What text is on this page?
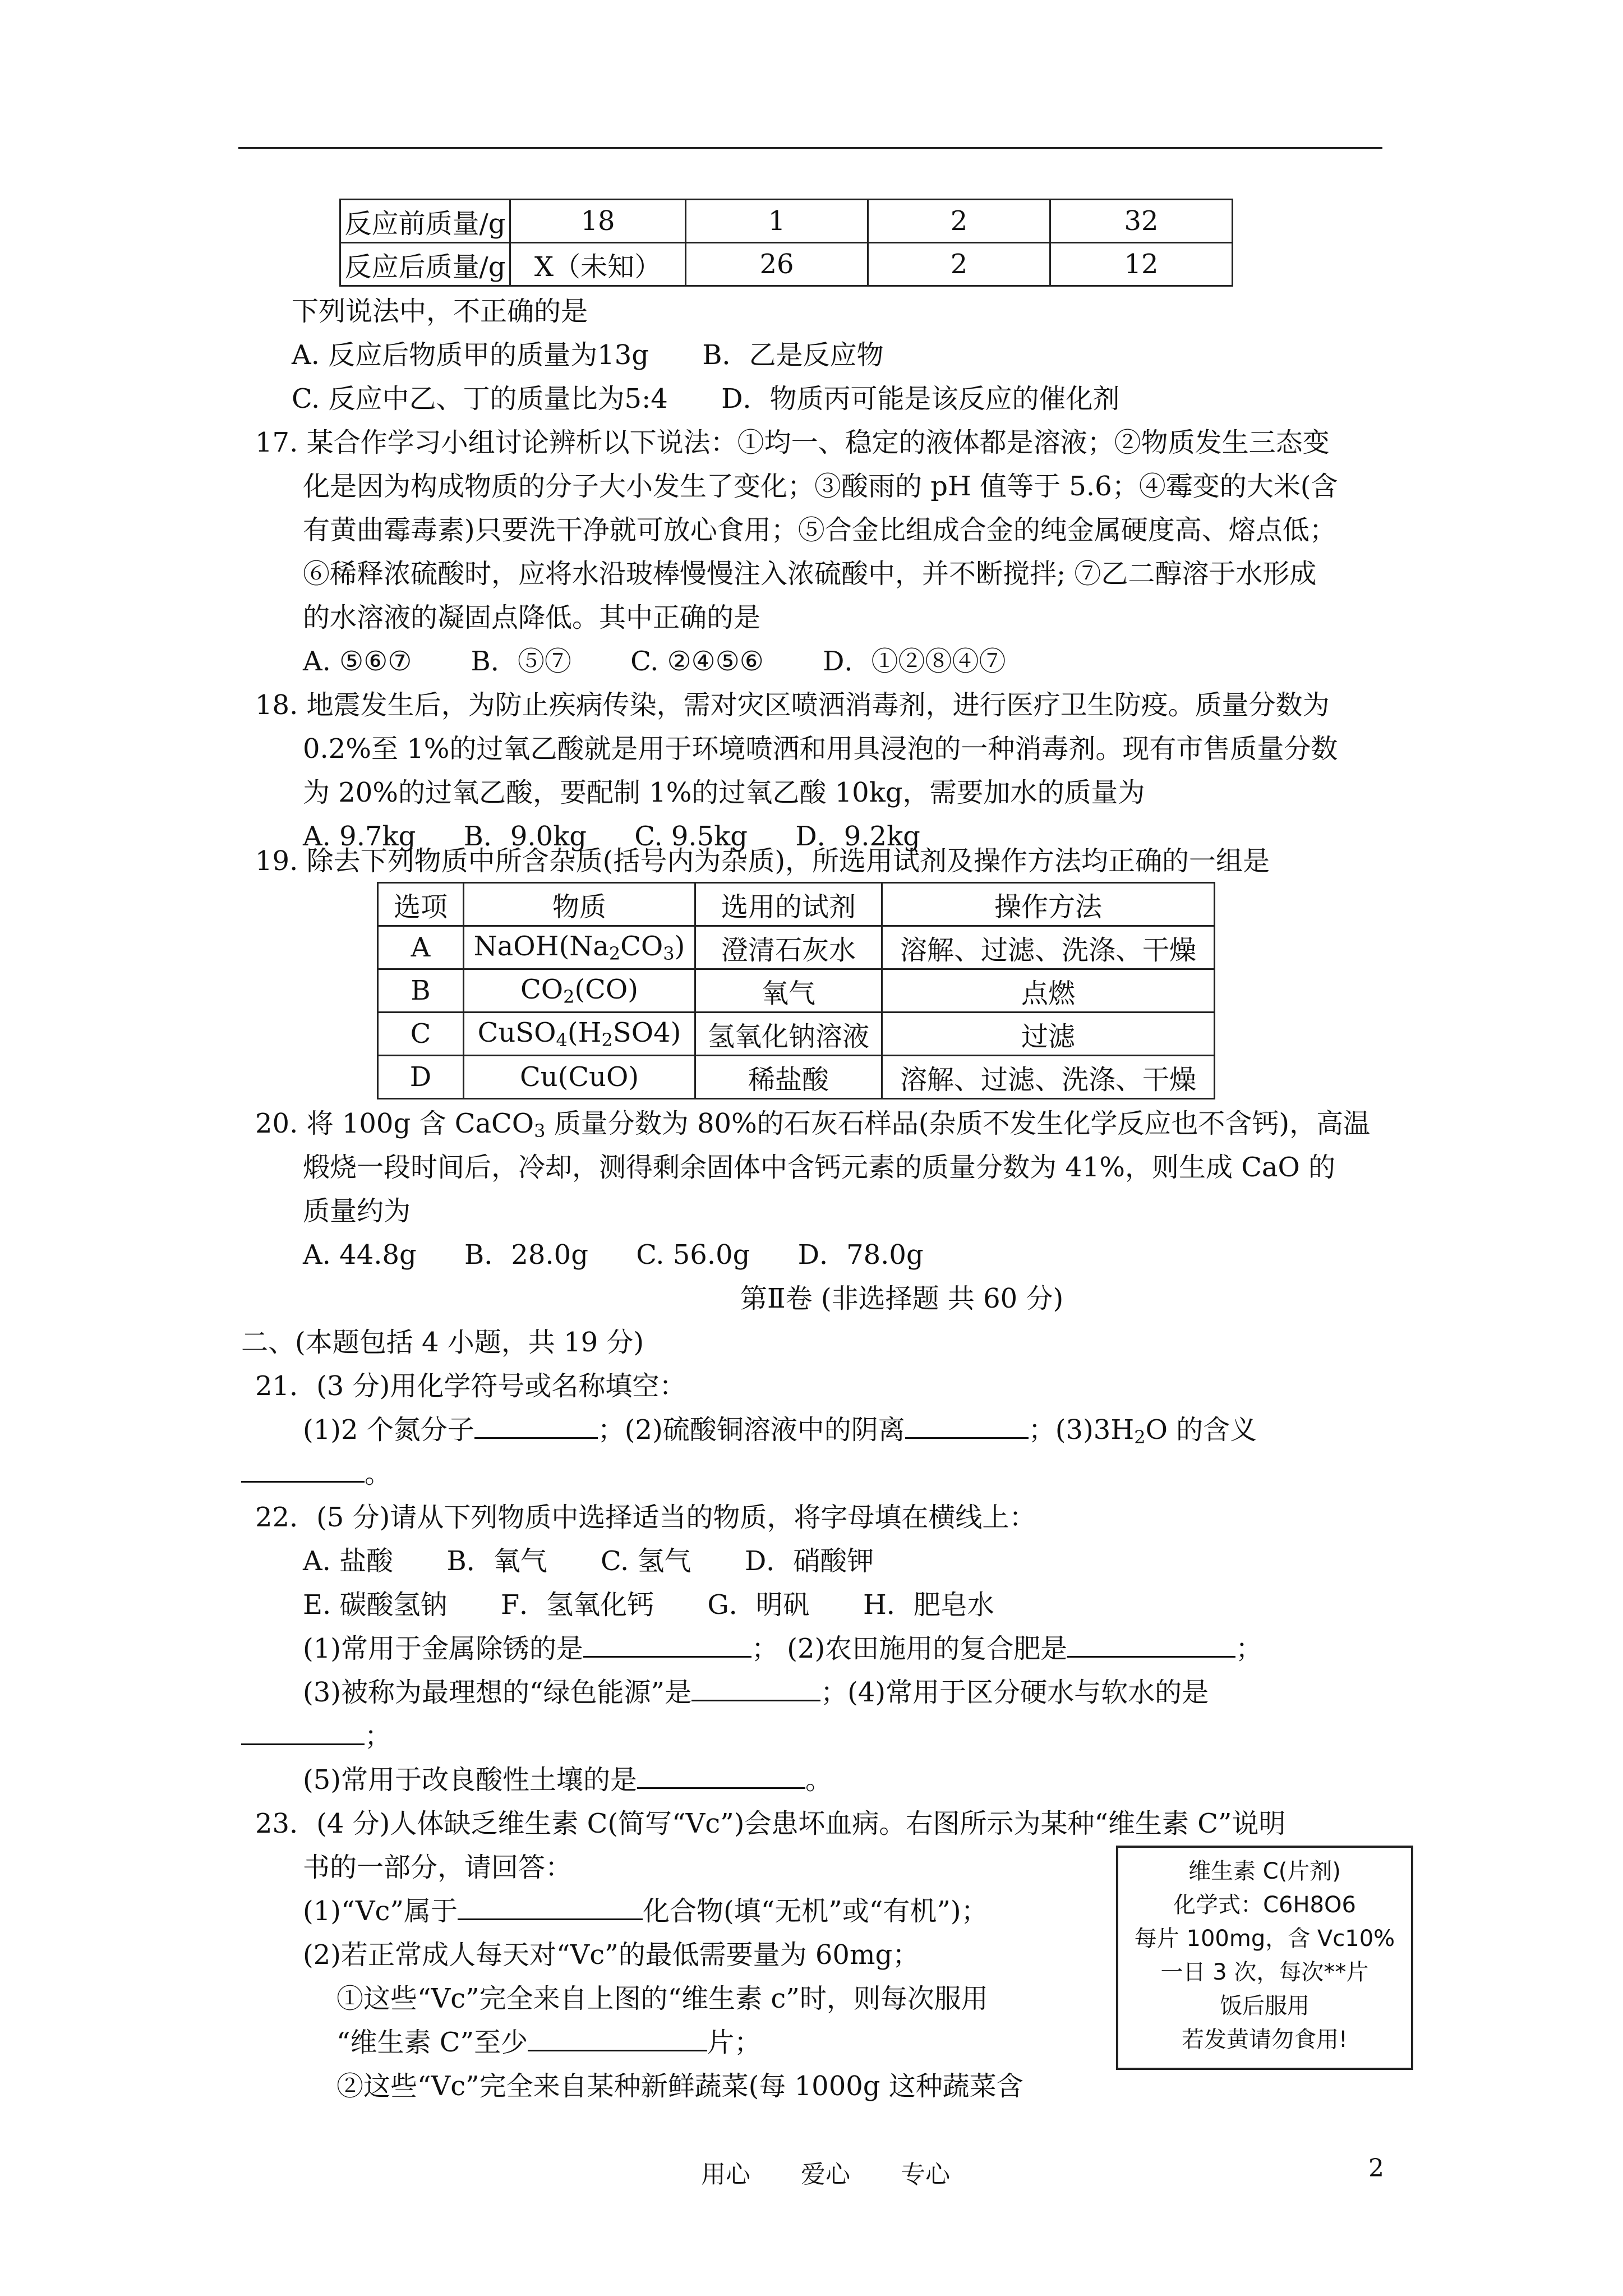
反应前质量/g	18	1	2	32
反应后质量/g	X（未知）	26	2	12
下列说法中，不正确的是
A. 反应后物质甲的质量为13g B．乙是反应物
C. 反应中乙、丁的质量比为5:4 D．物质丙可能是该反应的催化剂
17. 某合作学习小组讨论辨析以下说法：①均一、稳定的液体都是溶液；②物质发生三态变
化是因为构成物质的分子大小发生了变化；③酸雨的 pH 值等于 5.6；④霉变的大米(含
有黄曲霉毒素)只要洗干净就可放心食用；⑤合金比组成合金的纯金属硬度高、熔点低；
⑥稀释浓硫酸时，应将水沿玻棒慢慢注入浓硫酸中，并不断搅拌; ⑦乙二醇溶于水形成
的水溶液的凝固点降低。其中正确的是
A. ⑤⑥⑦ B．⑤⑦ C. ②④⑤⑥ D．①②⑧④⑦
18. 地震发生后，为防止疾病传染，需对灾区喷洒消毒剂，进行医疗卫生防疫。质量分数为
0.2%至 1%的过氧乙酸就是用于环境喷洒和用具浸泡的一种消毒剂。现有市售质量分数
为 20%的过氧乙酸，要配制 1%的过氧乙酸 10kg，需要加水的质量为
A. 9.7kg B．9.0kg C. 9.5kg D．9.2kg
19. 除去下列物质中所含杂质(括号内为杂质)，所选用试剂及操作方法均正确的一组是
选项	物质	选用的试剂	操作方法
A	$NaOH(Na_2CO_3)$	澄清石灰水	溶解、过滤、洗涤、干燥
B	$CO_2(CO)$	氧气	点燃
C	$CuSO_4(H_2SO4)$	氢氧化钠溶液	过滤
D	Cu(CuO)	稀盐酸	溶解、过滤、洗涤、干燥
20. 将 100g 含 CaCO$_3$ 质量分数为 80%的石灰石样品(杂质不发生化学反应也不含钙)，高温
煅烧一段时间后，冷却，测得剩余固体中含钙元素的质量分数为 41%，则生成 CaO 的
质量约为
A. 44.8g B．28.0g C. 56.0g D．78.0g
第Ⅱ卷 (非选择题 共 60 分)
二、(本题包括 4 小题，共 19 分)
21．(3 分)用化学符号或名称填空：
(1)2 个氮分子	；(2)硫酸铜溶液中的阴离	；$(3)3H_2O$ 的含义
。
22．(5 分)请从下列物质中选择适当的物质，将字母填在横线上：
A. 盐酸 B．氧气 C. 氢气 D．硝酸钾
E. 碳酸氢钠 F．氢氧化钙 G．明矾 H．肥皂水
(1)常用于金属除锈的是	； (2)农田施用的复合肥是	；
(3)被称为最理想的“绿色能源”是	；(4)常用于区分硬水与软水的是
；
(5)常用于改良酸性土壤的是	。
23．(4 分)人体缺乏维生素 C(简写“Vc”)会患坏血病。右图所示为某种“维生素 C”说明
书的一部分，请回答：
(1)“Vc”属于	化合物(填“无机”或“有机”)；
(2)若正常成人每天对“Vc”的最低需要量为 60mg；
①这些“Vc”完全来自上图的“维生素 c”时，则每次服用
“维生素 C”至少	片；
②这些“Vc”完全来自某种新鲜蔬菜(每 1000g 这种蔬菜含
维生素 C(片剂)
化学式：C6H8O6
每片 100mg，含 Vc10%
一日 3 次，每次**片
饭后服用
若发黄请勿食用!
用心 爱心 专心	2
